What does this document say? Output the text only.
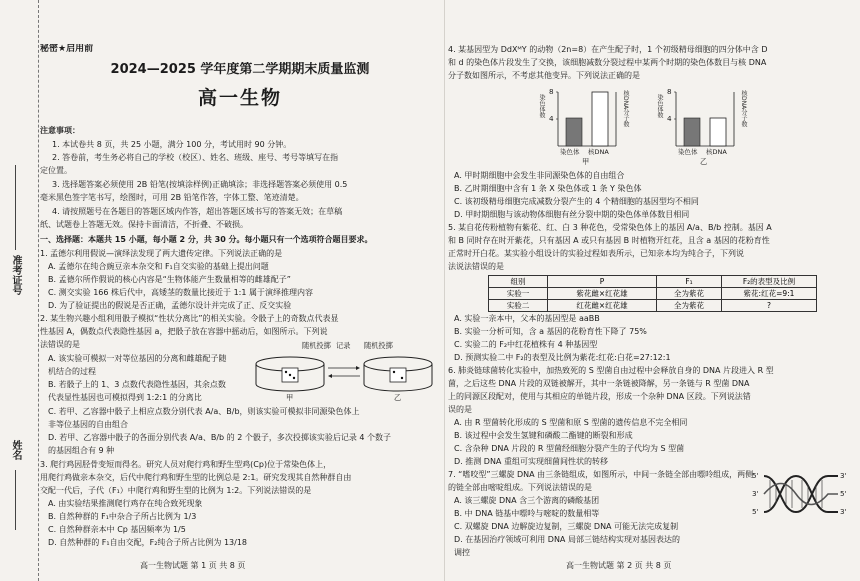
准考证号
姓名
秘密★启用前
2024—2025 学年度第二学期期末质量监测
高一生物
注意事项：
1. 本试卷共 8 页，共 25 小题，满分 100 分，考试用时 90 分钟。
2. 答卷前，考生务必将自己的学校（校区）、姓名、班级、座号、考号等填写在指
定位置。
3. 选择题答案必须使用 2B 铅笔(按填涂样例)正确填涂；非选择题答案必须使用 0.5
毫米黑色签字笔书写，绘图时，可用 2B 铅笔作答，字体工整、笔迹清楚。
4. 请按照题号在各题目的答题区域内作答，超出答题区域书写的答案无效；在草稿
纸、试题卷上答题无效。保持卡面清洁，不折叠、不破损。
一、选择题：本题共 15 小题，每小题 2 分，共 30 分。每小题只有一个选项符合题目要求。
1. 孟德尔利用假说—演绎法发现了两大遗传定律。下列说法正确的是
A. 孟德尔在纯合豌豆亲本杂交和 F₁自交实验的基础上提出问题
B. 孟德尔所作假说的核心内容是“生物体能产生数量相等的雌雄配子”
C. 测交实验 166 株后代中，高矮茎的数量比接近于 1:1 属于演绎推理内容
D. 为了验证提出的假说是否正确，孟德尔设计并完成了正、反交实验
2. 某生物兴趣小组利用骰子模拟“性状分离比”的相关实验。令骰子上的奇数点代表显
性基因 A，偶数点代表隐性基因 a，把骰子放在容器中摇动后，如图所示。下列说
法错误的是
A. 该实验可模拟一对等位基因的分离和雌雄配子随
机结合的过程
B. 若骰子上的 1、3 点数代表隐性基因，其余点数
代表显性基因也可模拟得到 1:2:1 的分离比
C. 若甲、乙容器中骰子上相应点数分别代表 A/a、B/b，则该实验可模拟非同源染色体上
非等位基因的自由组合
D. 若甲、乙容器中骰子的各面分别代表 A/a、B/b 的 2 个骰子，多次投掷该实验后记录 4 个数子
的基因组合有 9 种
随机投掷 记录	随机投掷
甲	乙
3. 爬行鸡因胫骨变短而得名。研究人员对爬行鸡和野生型鸡(Cp)位于常染色体上，
用爬行鸡做亲本杂交，后代中爬行鸡和野生型的比例总是 2:1。研究发现其自然种群自由
交配一代后，子代（F₁）中爬行鸡和野生型的比例为 1:2。下列说法错误的是
A. 由实验结果推测爬行鸡存在纯合致死现象
B. 自然种群的 F₁中杂合子所占比例为 1/3
C. 自然种群亲本中 Cp 基因频率为 1/5
D. 自然种群的 F₁自由交配，F₂纯合子所占比例为 13/18
高一生物试题 第 1 页 共 8 页
4. 某基因型为 DdXᴹY 的动物（2n=8）在产生配子时，1 个初级精母细胞的四分体中含 D
和 d 的染色体片段发生了交换，该细胞减数分裂过程中某两个时期的染色体数目与核 DNA
分子数如图所示，不考虑其他变异。下列说法正确的是
8
4
8
4
染色体数	核DNA分子数	染色体数	核DNA分子数
染色体	核DNA	染色体	核DNA
甲	乙
A. 甲时期细胞中会发生非同源染色体的自由组合
B. 乙时期细胞中含有 1 条 X 染色体或 1 条 Y 染色体
C. 该初级精母细胞完成减数分裂产生的 4 个精细胞的基因型均不相同
D. 甲时期细胞与该动物体细胞有丝分裂中期的染色体单体数目相同
5. 某自花传粉植物有紫花、红、白 3 种花色，受常染色体上的基因 A/a、B/b 控制。基因 A
和 B 同时存在时开紫花，只有基因 A 或只有基因 B 时植物开红花，且含 a 基因的花粉育性
正常时开白花。某实验小组设计的实验过程如表所示，已知亲本均为纯合子，下列说
法说法错误的是
组别	P	F₁	F₂的表型及比例
实验一	紫花雌×红花雄	全为紫花	紫花:红花=9:1
实验二	红花雌×红花雄	全为紫花	?
A. 实验一亲本中，父本的基因型是 aaBB
B. 实验一分析可知，含 a 基因的花粉育性下降了 75%
C. 实验二的 F₂中红花植株有 4 种基因型
D. 预测实验二中 F₂的表型及比例为紫花:红花:白花=27:12:1
6. 肺炎链球菌转化实验中，加热致死的 S 型菌自由过程中会释放自身的 DNA 片段进入 R 型
菌，之后这些 DNA 片段的双链被解开，其中一条链被降解，另一条链与 R 型菌 DNA
上的同源区段配对，使用与其相应的单链片段，形成一个杂种 DNA 区段。下列说法错
误的是
A. 由 R 型菌转化形成的 S 型菌和原 S 型菌的遗传信息不完全相同
B. 该过程中会发生氢键和磷酸二酯键的断裂和形成
C. 含杂种 DNA 片段的 R 型菌经细胞分裂产生的子代均为 S 型菌
D. 推测 DNA 重组可实现细菌间性状的转移
7. “嗜咬型”三螺旋 DNA 由三条链组成，如图所示，中间一条链全部由嘌呤组成，两侧
的链全部由嘧啶组成。下列说法错误的是
A. 该三螺旋 DNA 含三个游离的磷酸基团
B. 中 DNA 链基中嘌呤与嘧啶的数量相等
C. 双螺旋 DNA 边解旋边复制，三螺旋 DNA 可能无法完成复制
D. 在基因治疗领域可利用 DNA 局部三链结构实现对基因表达的
调控
5'	3'
3'	5'
5'	3'
高一生物试题 第 2 页 共 8 页
